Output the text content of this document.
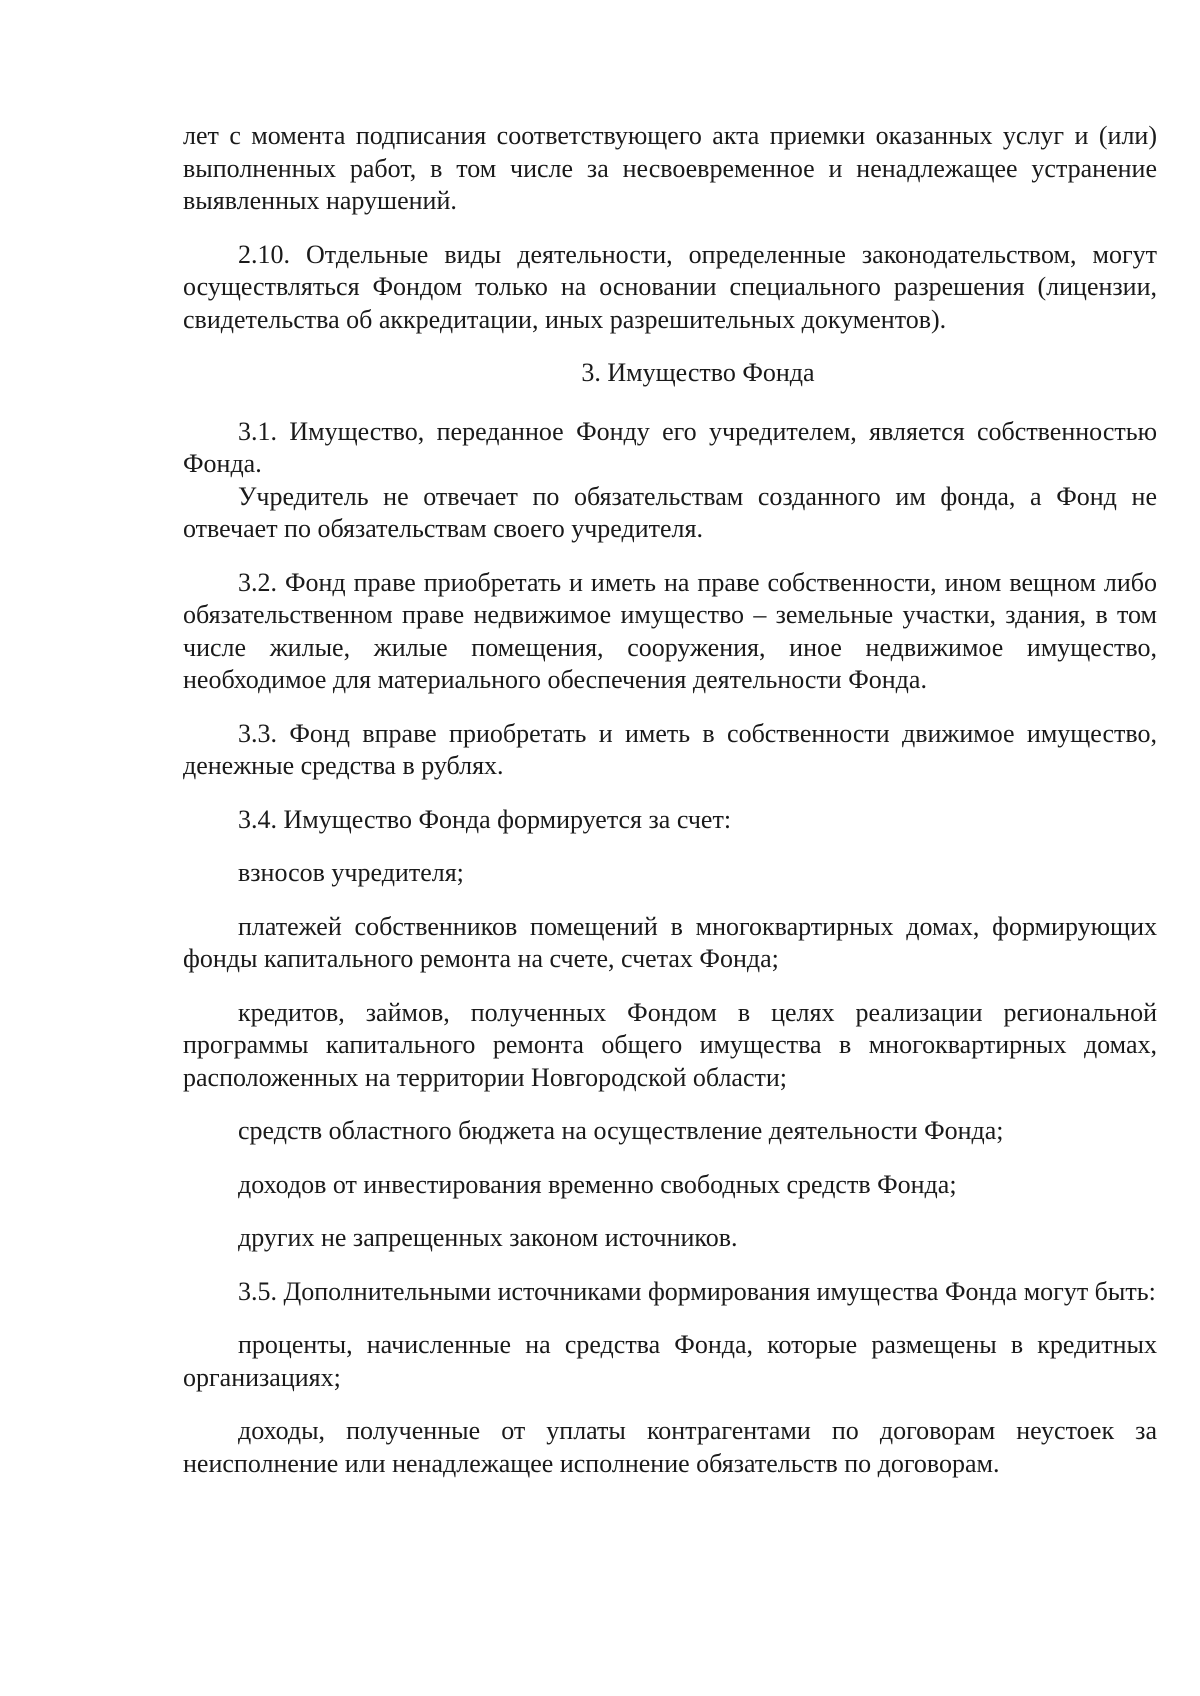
лет с момента подписания соответствующего акта приемки оказанных услуг и (или) выполненных работ, в том числе за несвоевременное и ненадлежащее устранение выявленных нарушений.

2.10. Отдельные виды деятельности, определенные законодательством, могут осуществляться Фондом только на основании специального разрешения (лицензии, свидетельства об аккредитации, иных разрешительных документов).

3. Имущество Фонда

3.1. Имущество, переданное Фонду его учредителем, является собственностью Фонда.

Учредитель не отвечает по обязательствам созданного им фонда, а Фонд не отвечает по обязательствам своего учредителя.

3.2. Фонд праве приобретать и иметь на праве собственности, ином вещном либо обязательственном праве недвижимое имущество – земельные участки, здания, в том числе жилые, жилые помещения, сооружения, иное недвижимое имущество, необходимое для материального обеспечения деятельности Фонда.

3.3. Фонд вправе приобретать и иметь в собственности движимое имущество, денежные средства в рублях.

3.4. Имущество Фонда формируется за счет:

взносов учредителя;

платежей собственников помещений в многоквартирных домах, формирующих фонды капитального ремонта на счете, счетах Фонда;

кредитов, займов, полученных Фондом в целях реализации региональной программы капитального ремонта общего имущества в многоквартирных домах, расположенных на территории Новгородской области;

средств областного бюджета на осуществление деятельности Фонда;

доходов от инвестирования временно свободных средств Фонда;

других не запрещенных законом источников.

3.5. Дополнительными источниками формирования имущества Фонда могут быть:

проценты, начисленные на средства Фонда, которые размещены в кредитных организациях;

доходы, полученные от уплаты контрагентами по договорам неустоек за неисполнение или ненадлежащее исполнение обязательств по договорам.
